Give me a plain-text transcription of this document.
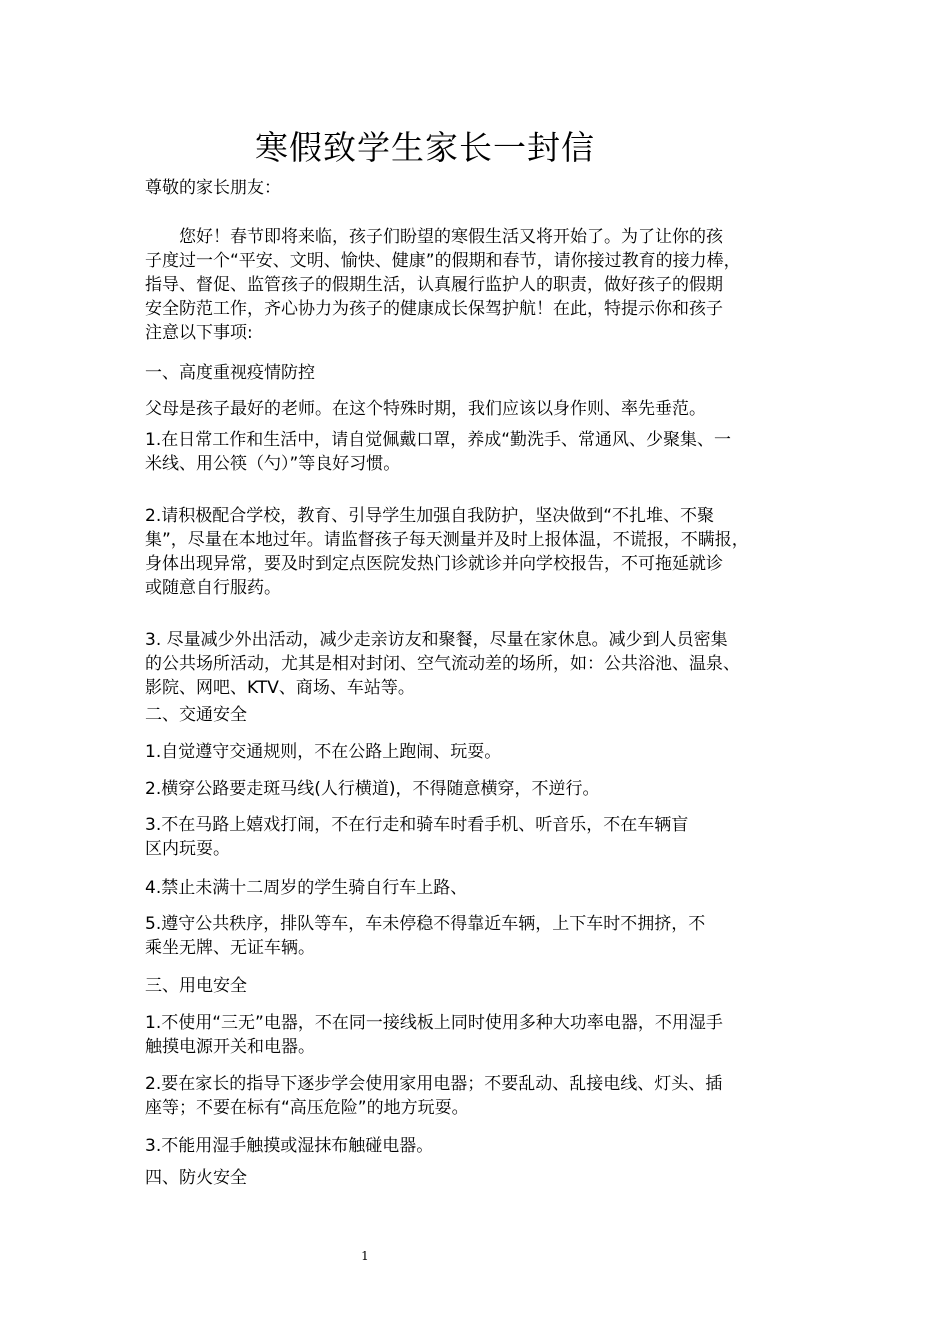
寒假致学生家长一封信

尊敬的家长朋友：

　　您好！春节即将来临，孩子们盼望的寒假生活又将开始了。为了让你的孩
子度过一个“平安、文明、愉快、健康”的假期和春节，请你接过教育的接力棒，
指导、督促、监管孩子的假期生活，认真履行监护人的职责，做好孩子的假期
安全防范工作，齐心协力为孩子的健康成长保驾护航！在此，特提示你和孩子
注意以下事项:

一、高度重视疫情防控

父母是孩子最好的老师。在这个特殊时期，我们应该以身作则、率先垂范。

1.在日常工作和生活中，请自觉佩戴口罩，养成“勤洗手、常通风、少聚集、一
米线、用公筷（勺）”等良好习惯。

2.请积极配合学校，教育、引导学生加强自我防护，坚决做到“不扎堆、不聚
集”，尽量在本地过年。请监督孩子每天测量并及时上报体温，不谎报，不瞒报，
身体出现异常，要及时到定点医院发热门诊就诊并向学校报告，不可拖延就诊
或随意自行服药。

3. 尽量减少外出活动，减少走亲访友和聚餐，尽量在家休息。减少到人员密集
的公共场所活动，尤其是相对封闭、空气流动差的场所，如：公共浴池、温泉、
影院、网吧、KTV、商场、车站等。

二、交通安全

1.自觉遵守交通规则，不在公路上跑闹、玩耍。

2.横穿公路要走斑马线(人行横道)，不得随意横穿，不逆行。

3.不在马路上嬉戏打闹，不在行走和骑车时看手机、听音乐，不在车辆盲
区内玩耍。

4.禁止未满十二周岁的学生骑自行车上路、

5.遵守公共秩序，排队等车，车未停稳不得靠近车辆，上下车时不拥挤，不
乘坐无牌、无证车辆。

三、用电安全

1.不使用“三无”电器，不在同一接线板上同时使用多种大功率电器，不用湿手
触摸电源开关和电器。

2.要在家长的指导下逐步学会使用家用电器；不要乱动、乱接电线、灯头、插
座等；不要在标有“高压危险”的地方玩耍。

3.不能用湿手触摸或湿抹布触碰电器。

四、防火安全

1
